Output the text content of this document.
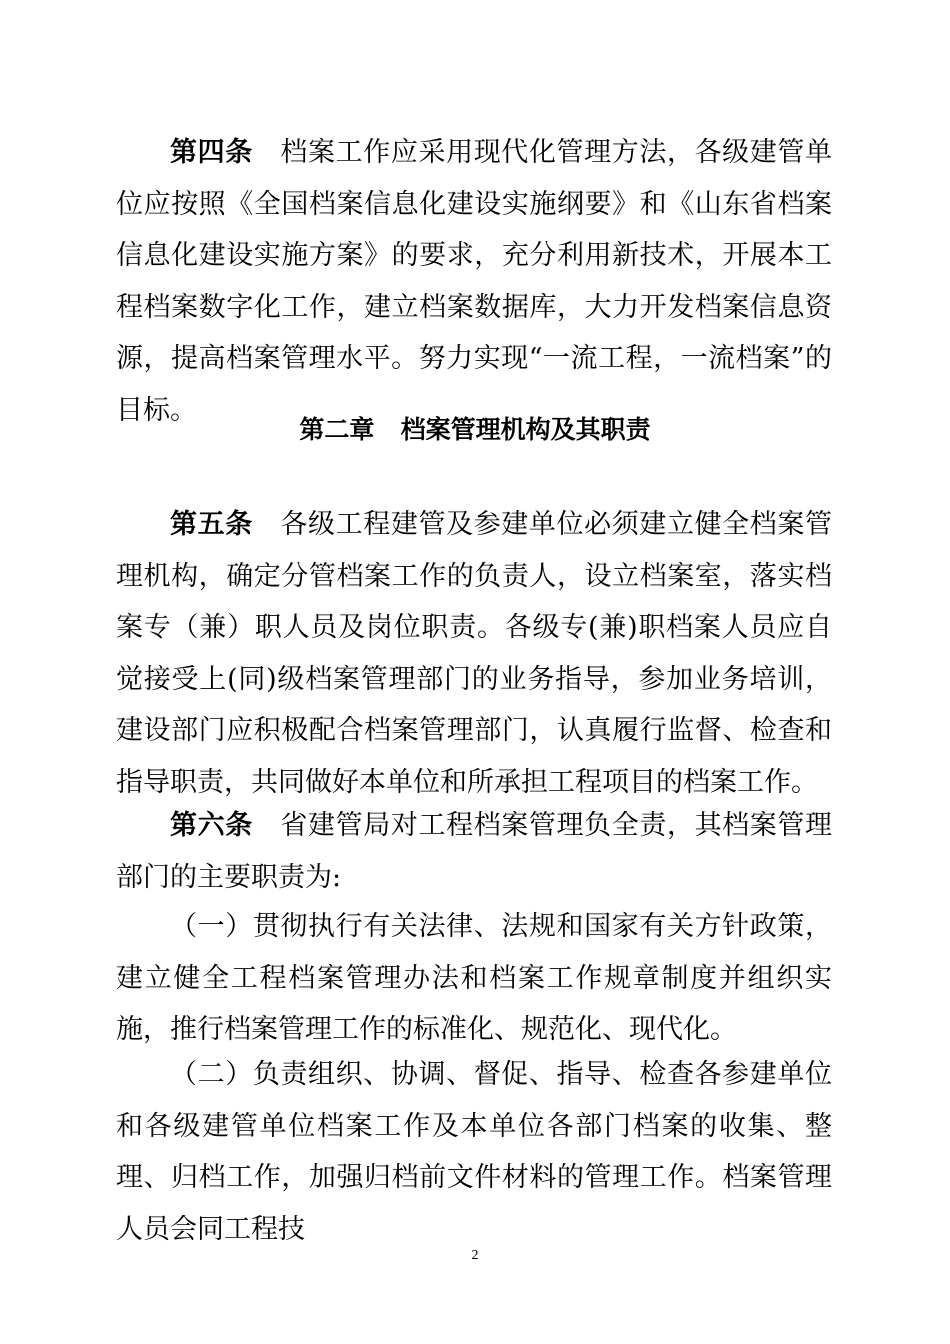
第四条 档案工作应采用现代化管理方法，各级建管单位应按照《全国档案信息化建设实施纲要》和《山东省档案信息化建设实施方案》的要求，充分利用新技术，开展本工程档案数字化工作，建立档案数据库，大力开发档案信息资源，提高档案管理水平。努力实现“一流工程，一流档案”的目标。

第二章 档案管理机构及其职责

第五条 各级工程建管及参建单位必须建立健全档案管理机构，确定分管档案工作的负责人，设立档案室，落实档案专（兼）职人员及岗位职责。各级专(兼)职档案人员应自觉接受上(同)级档案管理部门的业务指导，参加业务培训，建设部门应积极配合档案管理部门，认真履行监督、检查和指导职责，共同做好本单位和所承担工程项目的档案工作。

第六条 省建管局对工程档案管理负全责，其档案管理部门的主要职责为:

（一）贯彻执行有关法律、法规和国家有关方针政策，建立健全工程档案管理办法和档案工作规章制度并组织实施，推行档案管理工作的标准化、规范化、现代化。

（二）负责组织、协调、督促、指导、检查各参建单位和各级建管单位档案工作及本单位各部门档案的收集、整理、归档工作，加强归档前文件材料的管理工作。档案管理人员会同工程技

2
